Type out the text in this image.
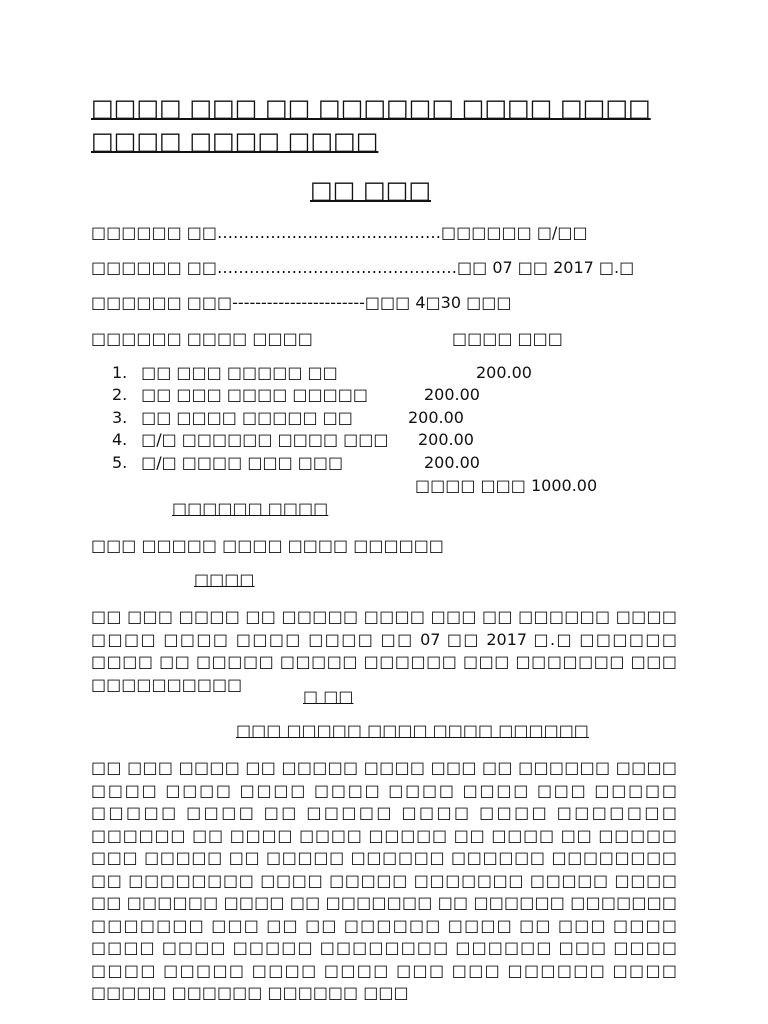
□□□□ □□□ □□ □□□□□□ □□□□ □□□□ □□□□ □□□□ □□□□
□□ □□□
□□□□□□ □□……………………………………□□□□□□ □/□□
□□□□□□ □□………………………………………□□ 07 □□ 2017 □.□
□□□□□□ □□□-----------------------□□□ 4□30 □□□
□□□□□□ □□□□ □□□□	□□□□ □□□
1. □□ □□□ □□□□□ □□	200.00
2. □□ □□□ □□□□ □□□□□	200.00
3. □□ □□□□ □□□□□ □□	200.00
4. □/□ □□□□□□ □□□□ □□□ 200.00
5. □/□ □□□□ □□□ □□□	200.00
□□□□ □□□ 1000.00
□□□□□□ □□□□
□□□ □□□□□ □□□□ □□□□ □□□□□□
□□□□
□□ □□□ □□□□ □□ □□□□□ □□□□ □□□ □□ □□□□□□ □□□□ □□□□ □□□□ □□□□ □□□□ □□ 07 □□ 2017 □.□ □□□□□□ □□□□ □□ □□□□□ □□□□□ □□□□□□ □□□ □□□□□□□ □□□ □□□□□□□□□□
□ □□
□□□ □□□□□ □□□□ □□□□ □□□□□□
□□ □□□ □□□□ □□ □□□□□ □□□□ □□□ □□ □□□□□□ □□□□ □□□□ □□□□ □□□□ □□□□ □□□□ □□□□ □□□ □□□□□ □□□□□ □□□□ □□ □□□□□ □□□□ □□□□ □□□□□□□ □□□□□□ □□ □□□□ □□□□ □□□□□ □□ □□□□ □□ □□□□□ □□□ □□□□□ □□ □□□□□ □□□□□□ □□□□□□ □□□□□□□□ □□ □□□□□□□□ □□□□ □□□□□ □□□□□□□ □□□□□ □□□□ □□ □□□□□□ □□□□ □□ □□□□□□□ □□ □□□□□□ □□□□□□□ □□□□□□□ □□□ □□ □□ □□□□□□ □□□□ □□ □□□ □□□□ □□□□ □□□□ □□□□□ □□□□□□□□ □□□□□□ □□□ □□□□ □□□□ □□□□□ □□□□ □□□□ □□□ □□□ □□□□□□ □□□□ □□□□□ □□□□□□ □□□□□□ □□□
